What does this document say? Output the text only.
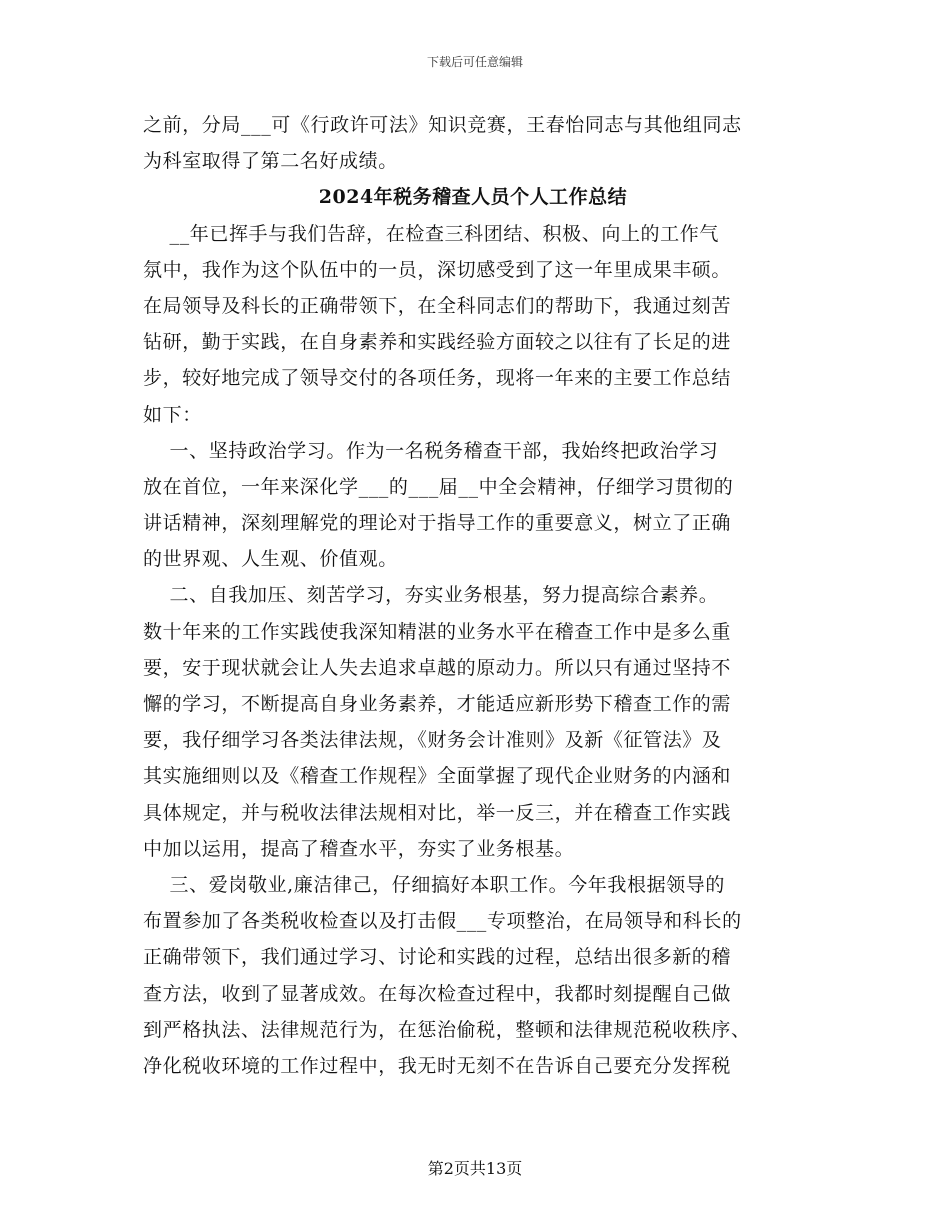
下载后可任意编辑
之前，分局___可《行政许可法》知识竞赛，王春怡同志与其他组同志
为科室取得了第二名好成绩。
2024年税务稽查人员个人工作总结
__年已挥手与我们告辞，在检查三科团结、积极、向上的工作气
氛中，我作为这个队伍中的一员，深切感受到了这一年里成果丰硕。
在局领导及科长的正确带领下，在全科同志们的帮助下，我通过刻苦
钻研，勤于实践，在自身素养和实践经验方面较之以往有了长足的进
步，较好地完成了领导交付的各项任务，现将一年来的主要工作总结
如下：
一、坚持政治学习。作为一名税务稽查干部，我始终把政治学习
放在首位，一年来深化学___的___届__中全会精神，仔细学习贯彻的
讲话精神，深刻理解党的理论对于指导工作的重要意义，树立了正确
的世界观、人生观、价值观。
二、自我加压、刻苦学习，夯实业务根基，努力提高综合素养。
数十年来的工作实践使我深知精湛的业务水平在稽查工作中是多么重
要，安于现状就会让人失去追求卓越的原动力。所以只有通过坚持不
懈的学习，不断提高自身业务素养，才能适应新形势下稽查工作的需
要，我仔细学习各类法律法规，《财务会计准则》及新《征管法》及
其实施细则以及《稽查工作规程》全面掌握了现代企业财务的内涵和
具体规定，并与税收法律法规相对比，举一反三，并在稽查工作实践
中加以运用，提高了稽查水平，夯实了业务根基。
三、爱岗敬业,廉洁律己，仔细搞好本职工作。今年我根据领导的
布置参加了各类税收检查以及打击假___专项整治，在局领导和科长的
正确带领下，我们通过学习、讨论和实践的过程，总结出很多新的稽
查方法，收到了显著成效。在每次检查过程中，我都时刻提醒自己做
到严格执法、法律规范行为，在惩治偷税，整顿和法律规范税收秩序、
净化税收环境的工作过程中，我无时无刻不在告诉自己要充分发挥税
第2页共13页
